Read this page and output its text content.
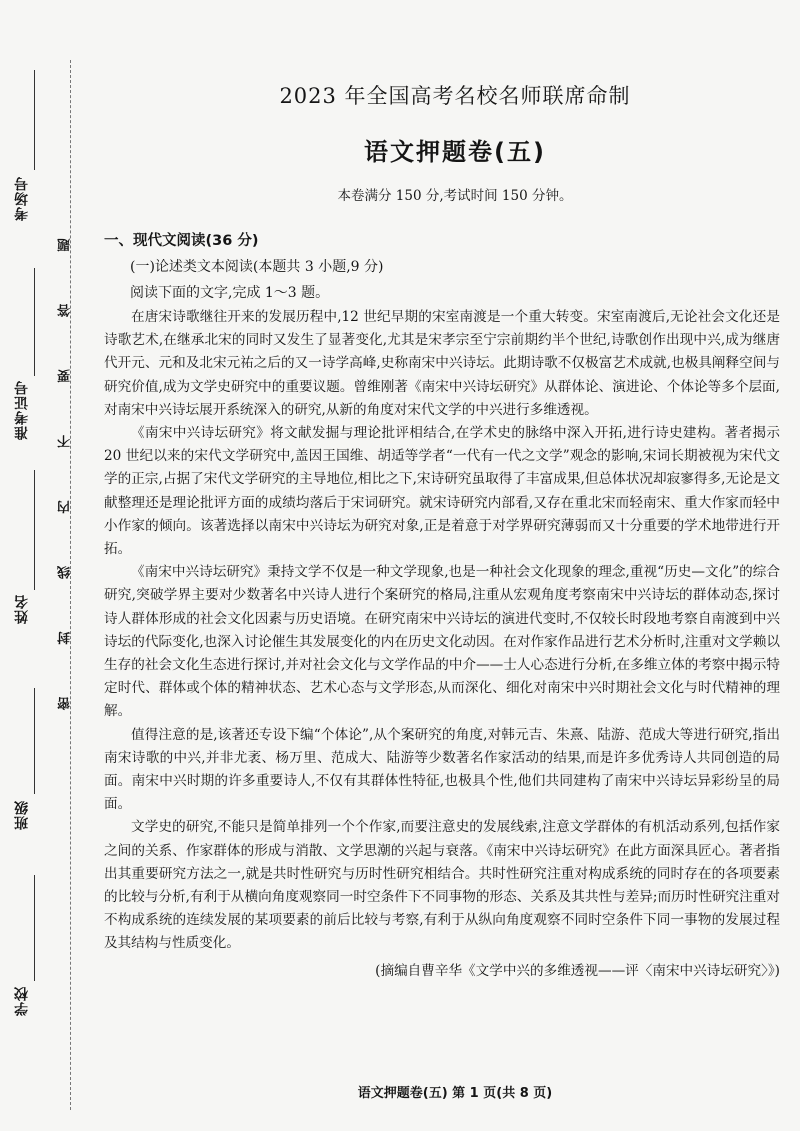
考场号
准考证号
姓名
班级
学校
密 封 线 内 不 要 答 题
2023 年全国高考名校名师联席命制
语文押题卷(五)
本卷满分 150 分,考试时间 150 分钟。
一、现代文阅读(36 分)
(一)论述类文本阅读(本题共 3 小题,9 分)
阅读下面的文字,完成 1～3 题。

在唐宋诗歌继往开来的发展历程中,12 世纪早期的宋室南渡是一个重大转变。宋室南渡后,无论社会文化还是诗歌艺术,在继承北宋的同时又发生了显著变化,尤其是宋孝宗至宁宗前期约半个世纪,诗歌创作出现中兴,成为继唐代开元、元和及北宋元祐之后的又一诗学高峰,史称南宋中兴诗坛。此期诗歌不仅极富艺术成就,也极具阐释空间与研究价值,成为文学史研究中的重要议题。曾维刚著《南宋中兴诗坛研究》从群体论、演进论、个体论等多个层面,对南宋中兴诗坛展开系统深入的研究,从新的角度对宋代文学的中兴进行多维透视。

《南宋中兴诗坛研究》将文献发掘与理论批评相结合,在学术史的脉络中深入开拓,进行诗史建构。著者揭示 20 世纪以来的宋代文学研究中,盖因王国维、胡适等学者“一代有一代之文学”观念的影响,宋词长期被视为宋代文学的正宗,占据了宋代文学研究的主导地位,相比之下,宋诗研究虽取得了丰富成果,但总体状况却寂寥得多,无论是文献整理还是理论批评方面的成绩均落后于宋词研究。就宋诗研究内部看,又存在重北宋而轻南宋、重大作家而轻中小作家的倾向。该著选择以南宋中兴诗坛为研究对象,正是着意于对学界研究薄弱而又十分重要的学术地带进行开拓。

《南宋中兴诗坛研究》秉持文学不仅是一种文学现象,也是一种社会文化现象的理念,重视“历史—文化”的综合研究,突破学界主要对少数著名中兴诗人进行个案研究的格局,注重从宏观角度考察南宋中兴诗坛的群体动态,探讨诗人群体形成的社会文化因素与历史语境。在研究南宋中兴诗坛的演进代变时,不仅较长时段地考察自南渡到中兴诗坛的代际变化,也深入讨论催生其发展变化的内在历史文化动因。在对作家作品进行艺术分析时,注重对文学赖以生存的社会文化生态进行探讨,并对社会文化与文学作品的中介——士人心态进行分析,在多维立体的考察中揭示特定时代、群体或个体的精神状态、艺术心态与文学形态,从而深化、细化对南宋中兴时期社会文化与时代精神的理解。

值得注意的是,该著还专设下编“个体论”,从个案研究的角度,对韩元吉、朱熹、陆游、范成大等进行研究,指出南宋诗歌的中兴,并非尤袤、杨万里、范成大、陆游等少数著名作家活动的结果,而是许多优秀诗人共同创造的局面。南宋中兴时期的许多重要诗人,不仅有其群体性特征,也极具个性,他们共同建构了南宋中兴诗坛异彩纷呈的局面。

文学史的研究,不能只是简单排列一个个作家,而要注意史的发展线索,注意文学群体的有机活动系列,包括作家之间的关系、作家群体的形成与消散、文学思潮的兴起与衰落。《南宋中兴诗坛研究》在此方面深具匠心。著者指出其重要研究方法之一,就是共时性研究与历时性研究相结合。共时性研究注重对构成系统的同时存在的各项要素的比较与分析,有利于从横向角度观察同一时空条件下不同事物的形态、关系及其共性与差异;而历时性研究注重对不构成系统的连续发展的某项要素的前后比较与考察,有利于从纵向角度观察不同时空条件下同一事物的发展过程及其结构与性质变化。

(摘编自曹辛华《文学中兴的多维透视——评〈南宋中兴诗坛研究〉》)
语文押题卷(五) 第 1 页(共 8 页)
